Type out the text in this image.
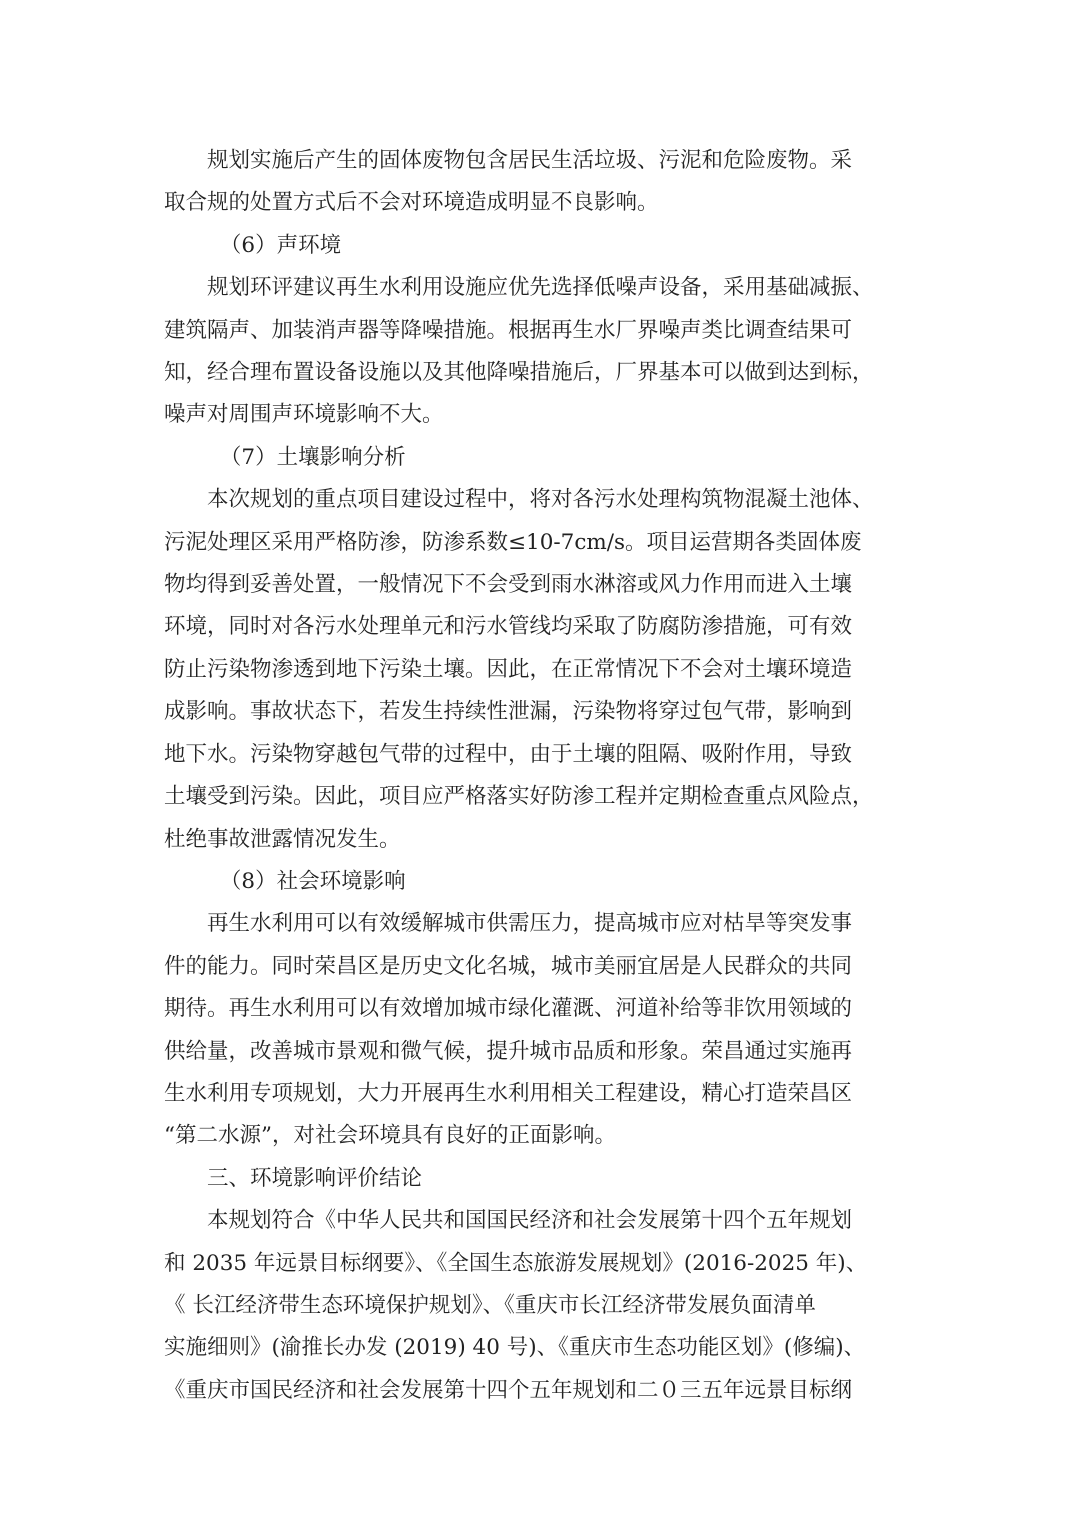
规划实施后产生的固体废物包含居民生活垃圾、污泥和危险废物。采
取合规的处置方式后不会对环境造成明显不良影响。

（6）声环境

规划环评建议再生水利用设施应优先选择低噪声设备，采用基础减振、
建筑隔声、加装消声器等降噪措施。根据再生水厂界噪声类比调查结果可
知，经合理布置设备设施以及其他降噪措施后，厂界基本可以做到达到标，
噪声对周围声环境影响不大。

（7）土壤影响分析

本次规划的重点项目建设过程中，将对各污水处理构筑物混凝土池体、
污泥处理区采用严格防渗，防渗系数≤10-7cm/s。项目运营期各类固体废
物均得到妥善处置，一般情况下不会受到雨水淋溶或风力作用而进入土壤
环境，同时对各污水处理单元和污水管线均采取了防腐防渗措施，可有效
防止污染物渗透到地下污染土壤。因此，在正常情况下不会对土壤环境造
成影响。事故状态下，若发生持续性泄漏，污染物将穿过包气带，影响到
地下水。污染物穿越包气带的过程中，由于土壤的阻隔、吸附作用，导致
土壤受到污染。因此，项目应严格落实好防渗工程并定期检查重点风险点，
杜绝事故泄露情况发生。

（8）社会环境影响

再生水利用可以有效缓解城市供需压力，提高城市应对枯旱等突发事
件的能力。同时荣昌区是历史文化名城，城市美丽宜居是人民群众的共同
期待。再生水利用可以有效增加城市绿化灌溉、河道补给等非饮用领域的
供给量，改善城市景观和微气候，提升城市品质和形象。荣昌通过实施再
生水利用专项规划，大力开展再生水利用相关工程建设，精心打造荣昌区
“第二水源”，对社会环境具有良好的正面影响。

三、环境影响评价结论

本规划符合《中华人民共和国国民经济和社会发展第十四个五年规划
和 2035 年远景目标纲要》、《全国生态旅游发展规划》(2016-2025 年)、
《 长江经济带生态环境保护规划》、《重庆市长江经济带发展负面清单
实施细则》(渝推长办发 (2019) 40 号)、《重庆市生态功能区划》(修编)、
《重庆市国民经济和社会发展第十四个五年规划和二０三五年远景目标纲
